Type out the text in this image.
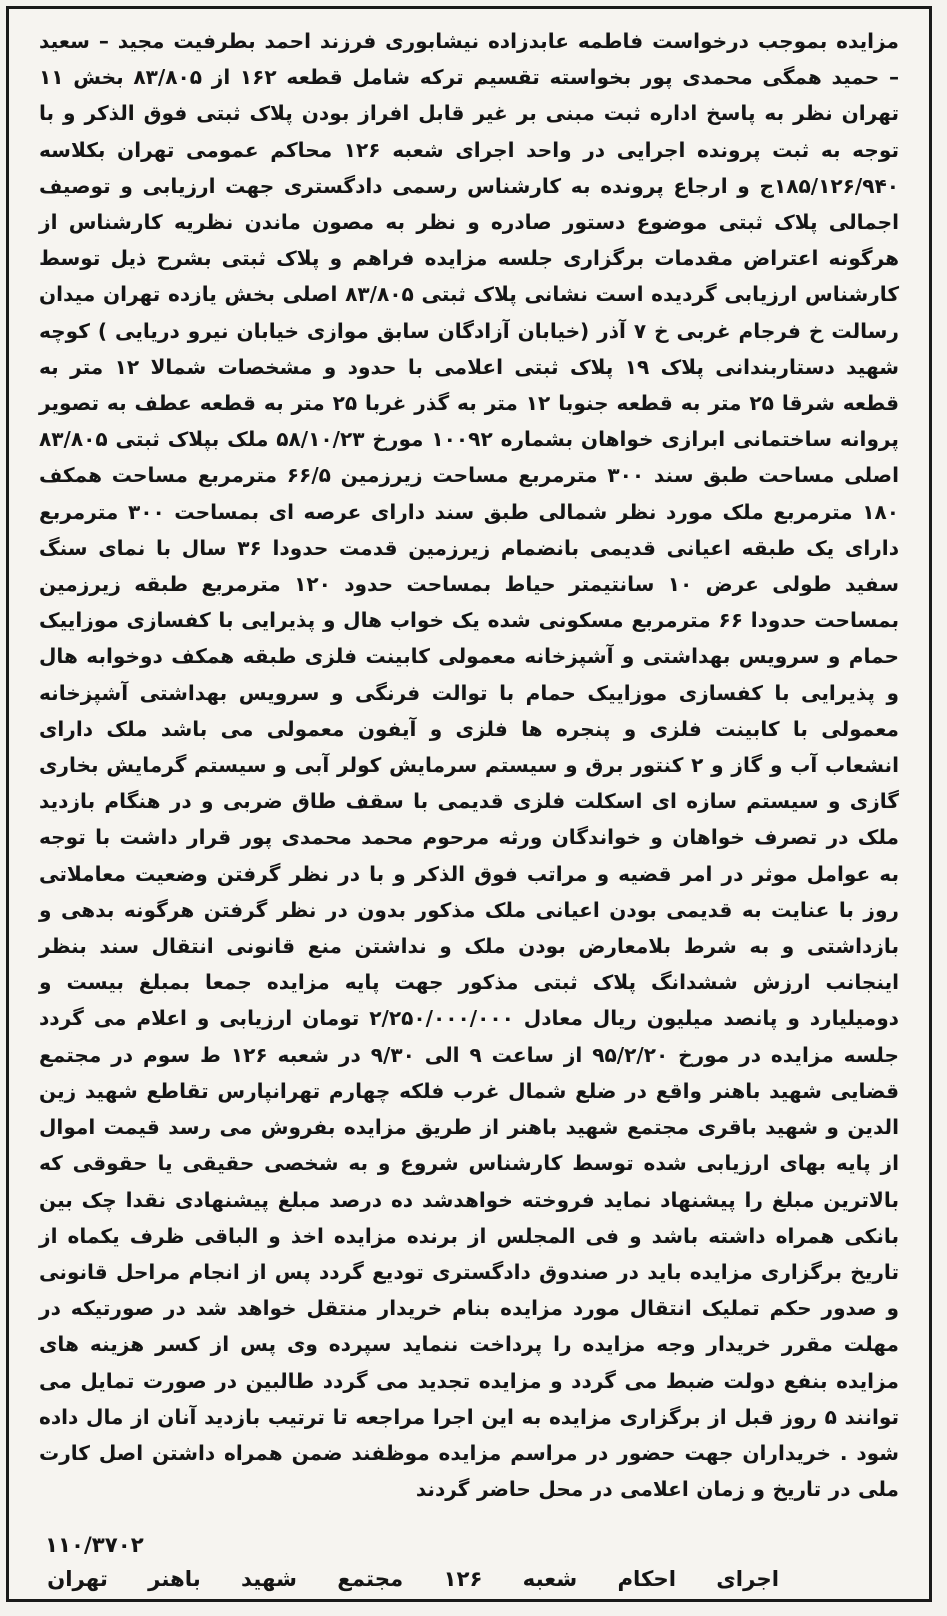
مزایده بموجب درخواست فاطمه عابدزاده نیشابوری فرزند احمد بطرفیت مجید – سعید – حمید همگی محمدی پور بخواسته تقسیم ترکه شامل قطعه ۱۶۲ از ۸۳/۸۰۵ بخش ۱۱ تهران نظر به پاسخ اداره ثبت مبنی بر غیر قابل افراز بودن پلاک ثبتی فوق الذکر و با توجه به ثبت پرونده اجرایی در واحد اجرای شعبه ۱۲۶ محاکم عمومی تهران بکلاسه ۱۸۵/۱۲۶‌/۹۴۰ج و ارجاع پرونده به کارشناس رسمی دادگستری جهت ارزیابی و توصیف اجمالی پلاک ثبتی موضوع دستور صادره و نظر به مصون ماندن نظریه کارشناس از هرگونه اعتراض مقدمات برگزاری جلسه مزایده فراهم و پلاک ثبتی بشرح ذیل توسط کارشناس ارزیابی گردیده است نشانی پلاک ثبتی ۸۳/۸۰۵ اصلی بخش یازده تهران میدان رسالت خ فرجام غربی خ ۷ آذر (خیابان آزادگان سابق موازی خیابان نیرو دریایی ) کوچه شهید دستاربندانی پلاک ۱۹ پلاک ثبتی اعلامی با حدود و مشخصات شمالا ۱۲ متر به قطعه شرقا ۲۵ متر به قطعه جنوبا ۱۲ متر به گذر غربا ۲۵ متر به قطعه عطف به تصویر پروانه ساختمانی ابرازی خواهان بشماره ۱۰۰۹۲ مورخ ۵۸/۱۰/۲۳ ملک بپلاک ثبتی ۸۳/۸۰۵ اصلی مساحت طبق سند ۳۰۰ مترمربع مساحت زیرزمین ۶۶/۵ مترمربع مساحت همکف ۱۸۰ مترمربع ملک مورد نظر شمالی طبق سند دارای عرصه ای بمساحت ۳۰۰ مترمربع دارای یک طبقه اعیانی قدیمی بانضمام زیرزمین قدمت حدودا ۳۶ سال با نمای سنگ سفید طولی عرض ۱۰ سانتیمتر حیاط بمساحت حدود ۱۲۰ مترمربع طبقه زیرزمین بمساحت حدودا ۶۶ مترمربع مسکونی شده یک خواب هال و پذیرایی با کفسازی موزاییک حمام و سرویس بهداشتی و آشپزخانه معمولی کابینت فلزی طبقه همکف دوخوابه هال و پذیرایی با کفسازی موزاییک حمام با توالت فرنگی و سرویس بهداشتی آشپزخانه معمولی با کابینت فلزی و پنجره ها فلزی و آیفون معمولی می باشد ملک دارای انشعاب آب و گاز و ۲ کنتور برق و سیستم سرمایش کولر آبی و سیستم گرمایش بخاری گازی و سیستم سازه ای اسکلت فلزی قدیمی با سقف طاق ضربی و در هنگام بازدید ملک در تصرف خواهان و خواندگان ورثه مرحوم محمد محمدی پور قرار داشت با توجه به عوامل موثر در امر قضیه و مراتب فوق الذکر و با در نظر گرفتن وضعیت معاملاتی روز با عنایت به قدیمی بودن اعیانی ملک مذکور بدون در نظر گرفتن هرگونه بدهی و بازداشتی و به شرط بلامعارض بودن ملک و نداشتن منع قانونی انتقال سند بنظر اینجانب ارزش ششدانگ پلاک ثبتی مذکور جهت پایه مزایده جمعا بمبلغ بیست و دومیلیارد و پانصد میلیون ریال معادل ۲/۲۵۰/۰۰۰/۰۰۰ تومان ارزیابی و اعلام می گردد جلسه مزایده در مورخ ۹۵/۲/۲۰ از ساعت ۹ الی ۹/۳۰ در شعبه ۱۲۶ ط سوم در مجتمع قضایی شهید باهنر واقع در ضلع شمال غرب فلکه چهارم تهرانپارس تقاطع شهید زین الدین و شهید باقری مجتمع شهید باهنر از طریق مزایده بفروش می رسد قیمت اموال از پایه بهای ارزیابی شده توسط کارشناس شروع و به شخصی حقیقی یا حقوقی که بالاترین مبلغ را پیشنهاد نماید فروخته خواهدشد ده درصد مبلغ پیشنهادی نقدا چک بین بانکی همراه داشته باشد و فی المجلس از برنده مزایده اخذ و الباقی ظرف یکماه از تاریخ برگزاری مزایده باید در صندوق دادگستری تودیع گردد پس از انجام مراحل قانونی و صدور حکم تملیک انتقال مورد مزایده بنام خریدار منتقل خواهد شد در صورتیکه در مهلت مقرر خریدار وجه مزایده را پرداخت ننماید سپرده وی پس از کسر هزینه های مزایده بنفع دولت ضبط می گردد و مزایده تجدید می گردد طالبین در صورت تمایل می توانند ۵ روز قبل از برگزاری مزایده به این اجرا مراجعه تا ترتیب بازدید آنان از مال داده شود . خریداران جهت حضور در مراسم مزایده موظفند ضمن همراه داشتن اصل کارت ملی در تاریخ و زمان اعلامی در محل حاضر گردند

۱۱۰/۳۷۰۲
اجرای
احکام
شعبه
۱۲۶
مجتمع
شهید
باهنر
تهران
